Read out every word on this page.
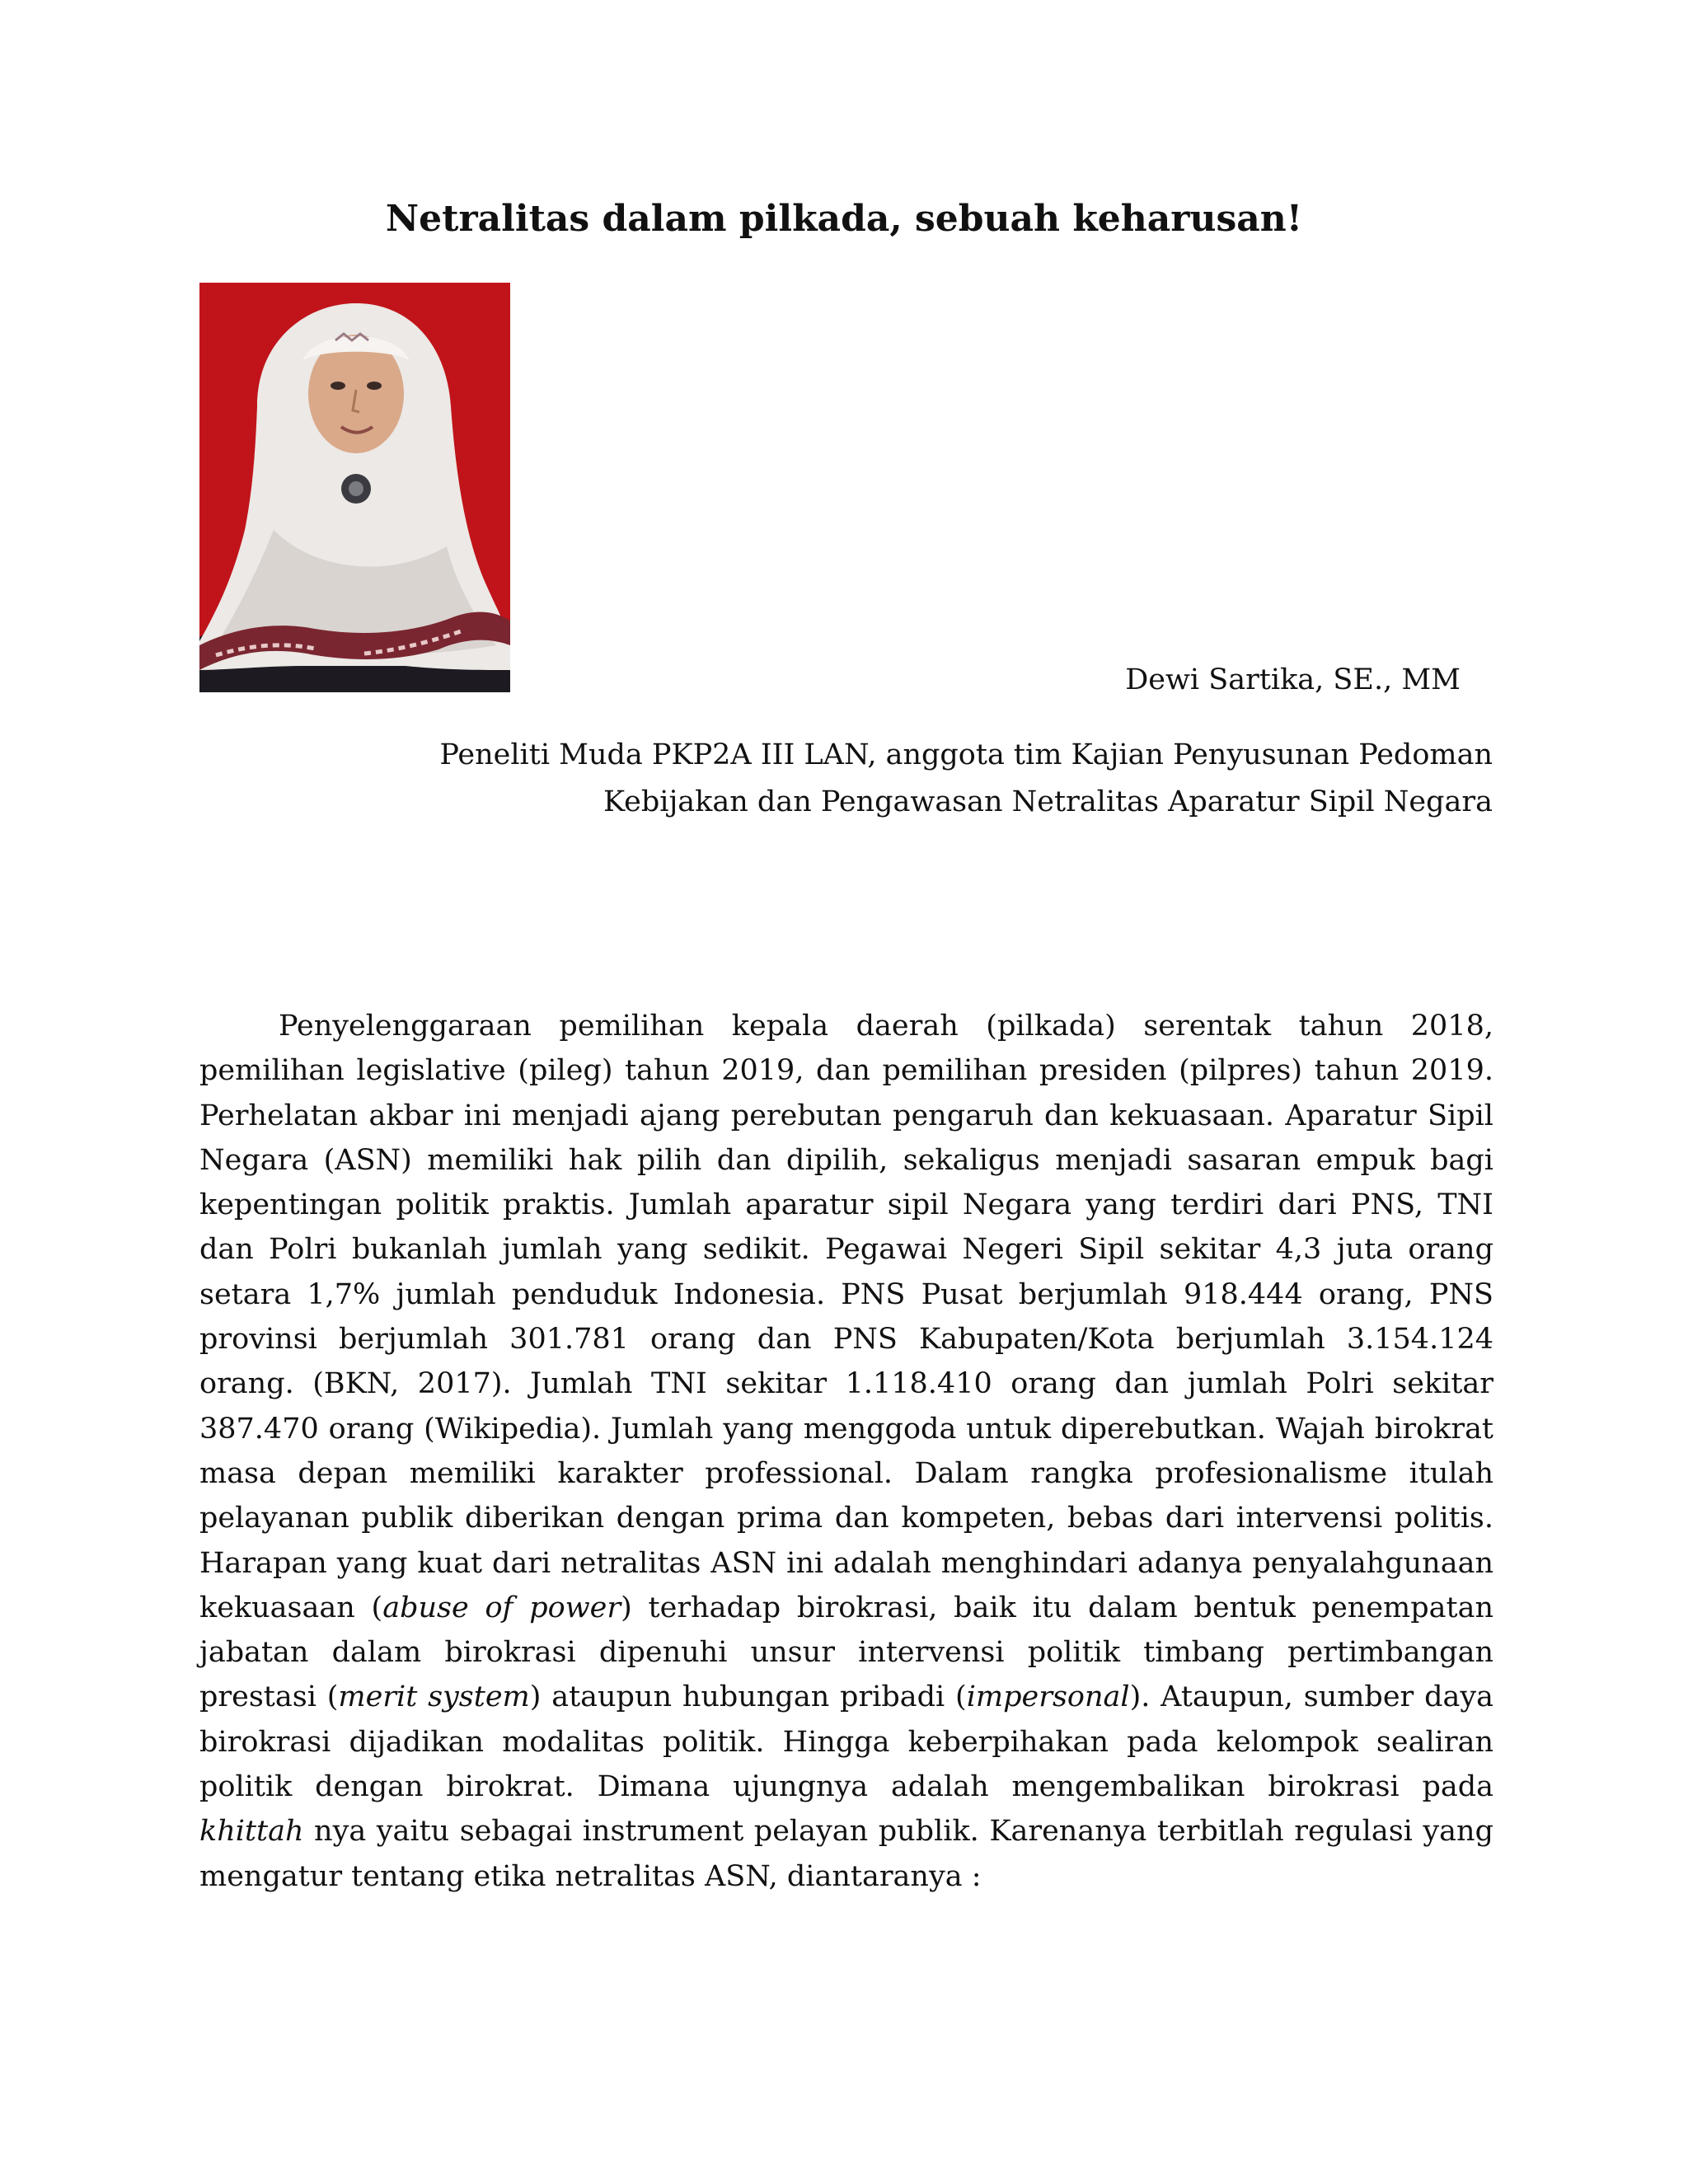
Netralitas dalam pilkada, sebuah keharusan!
Dewi Sartika, SE., MM
Peneliti Muda PKP2A III LAN, anggota tim Kajian Penyusunan Pedoman
Kebijakan dan Pengawasan Netralitas Aparatur Sipil Negara

Penyelenggaraan pemilihan kepala daerah (pilkada) serentak tahun 2018, pemilihan legislative (pileg) tahun 2019, dan pemilihan presiden (pilpres) tahun 2019. Perhelatan akbar ini menjadi ajang perebutan pengaruh dan kekuasaan. Aparatur Sipil Negara (ASN) memiliki hak pilih dan dipilih, sekaligus menjadi sasaran empuk bagi kepentingan politik praktis. Jumlah aparatur sipil Negara yang terdiri dari PNS, TNI dan Polri bukanlah jumlah yang sedikit. Pegawai Negeri Sipil sekitar 4,3 juta orang setara 1,7% jumlah penduduk Indonesia. PNS Pusat berjumlah 918.444 orang, PNS provinsi berjumlah 301.781 orang dan PNS Kabupaten/Kota berjumlah 3.154.124 orang. (BKN, 2017). Jumlah TNI sekitar 1.118.410 orang dan jumlah Polri sekitar 387.470 orang (Wikipedia). Jumlah yang menggoda untuk diperebutkan. Wajah birokrat masa depan memiliki karakter professional. Dalam rangka profesionalisme itulah pelayanan publik diberikan dengan prima dan kompeten, bebas dari intervensi politis. Harapan yang kuat dari netralitas ASN ini adalah menghindari adanya penyalahgunaan kekuasaan (abuse of power) terhadap birokrasi, baik itu dalam bentuk penempatan jabatan dalam birokrasi dipenuhi unsur intervensi politik timbang pertimbangan prestasi (merit system) ataupun hubungan pribadi (impersonal). Ataupun, sumber daya birokrasi dijadikan modalitas politik. Hingga keberpihakan pada kelompok sealiran politik dengan birokrat. Dimana ujungnya adalah mengembalikan birokrasi pada khittah nya yaitu sebagai instrument pelayan publik. Karenanya terbitlah regulasi yang mengatur tentang etika netralitas ASN, diantaranya :
